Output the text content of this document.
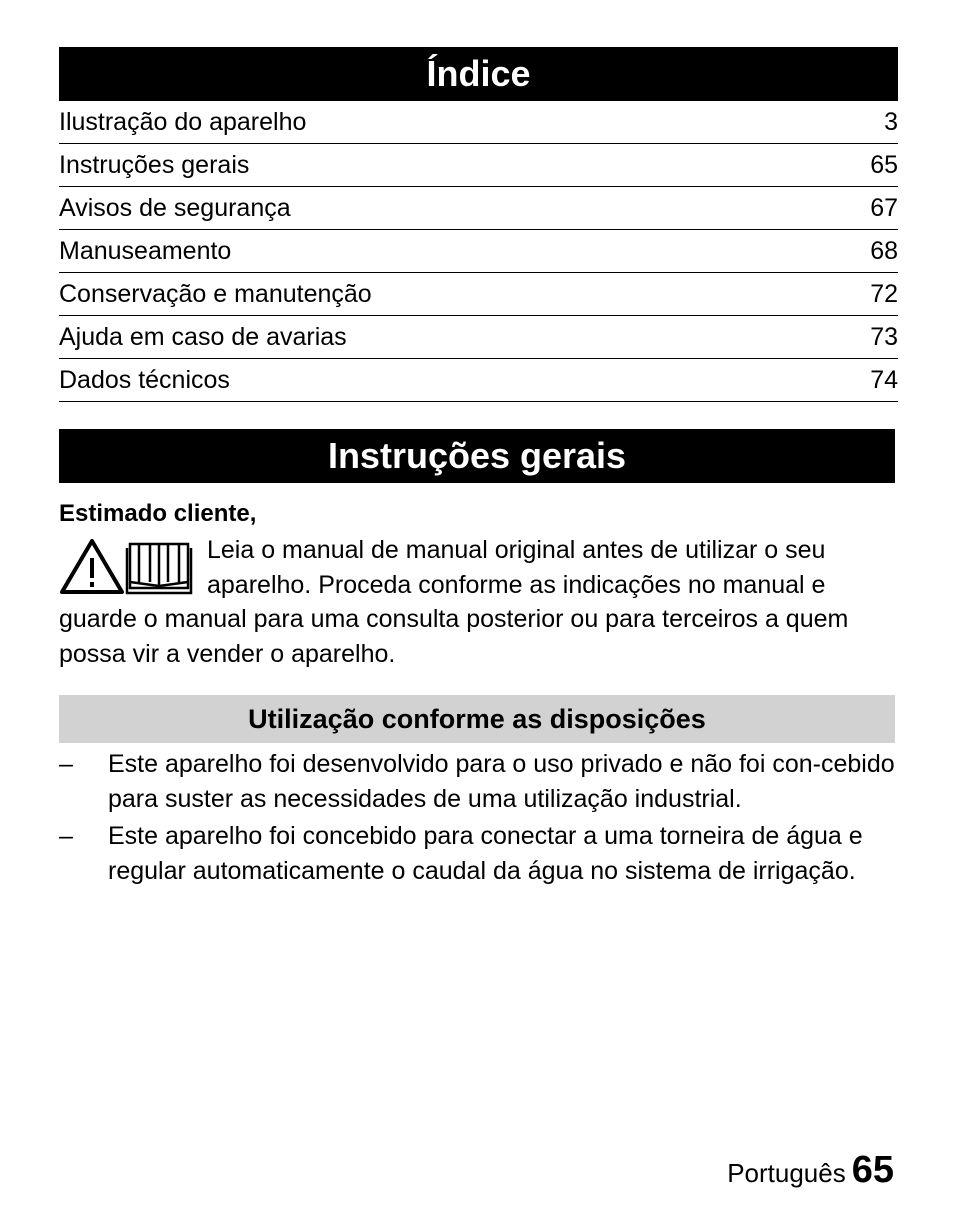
Índice
Ilustração do aparelho	3
Instruções gerais	65
Avisos de segurança	67
Manuseamento	68
Conservação e manutenção	72
Ajuda em caso de avarias	73
Dados técnicos	74
Instruções gerais
Estimado cliente,
Leia o manual de manual original antes de utilizar o seu aparelho. Proceda conforme as indicações no manual e guarde o manual para uma consulta posterior ou para terceiros a quem possa vir a vender o aparelho.
Utilização conforme as disposições
– Este aparelho foi desenvolvido para o uso privado e não foi con-cebido para suster as necessidades de uma utilização industrial.
– Este aparelho foi concebido para conectar a uma torneira de água e regular automaticamente o caudal da água no sistema de irrigação.
Português 65
